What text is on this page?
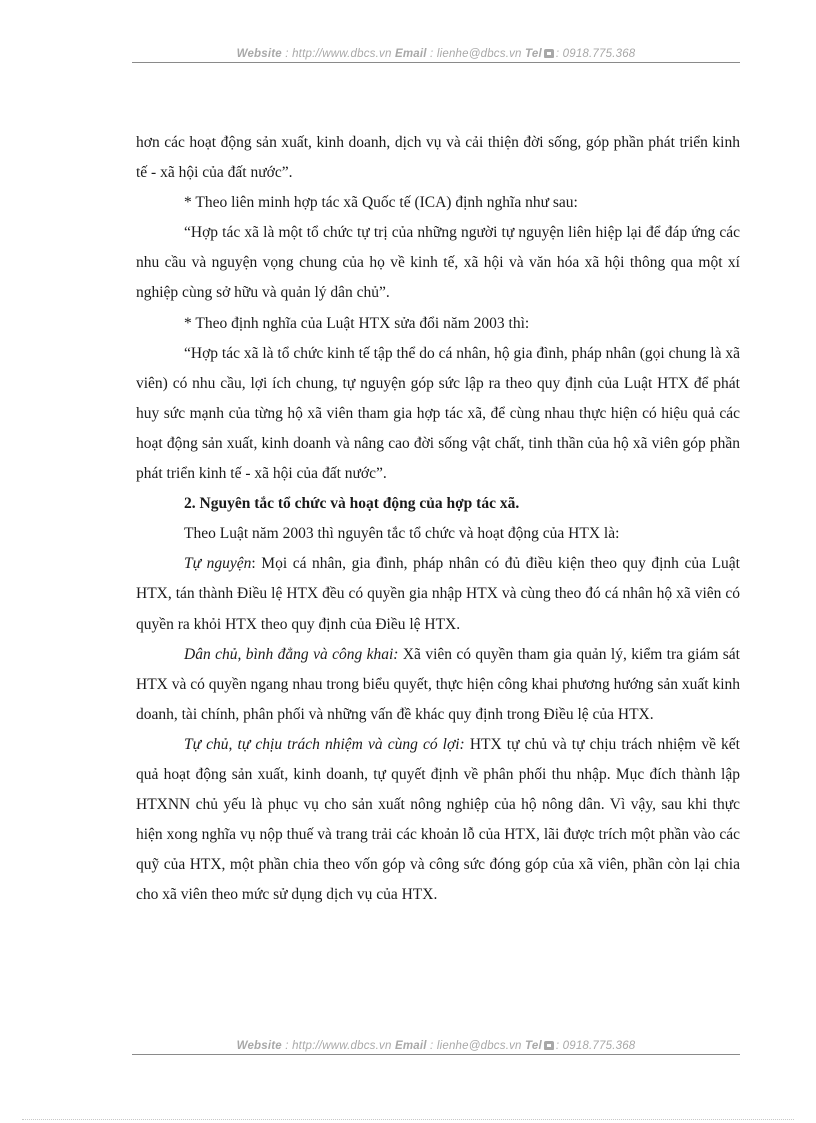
Website : http://www.dbcs.vn Email : lienhe@dbcs.vn Tel : 0918.775.368

hơn các hoạt động sản xuất, kinh doanh, dịch vụ và cải thiện đời sống, góp phần phát triển kinh tế - xã hội của đất nước”.

* Theo liên minh hợp tác xã Quốc tế (ICA) định nghĩa như sau:

“Hợp tác xã là một tổ chức tự trị của những người tự nguyện liên hiệp lại để đáp ứng các nhu cầu và nguyện vọng chung của họ về kinh tế, xã hội và văn hóa xã hội thông qua một xí nghiệp cùng sở hữu và quản lý dân chủ”.

* Theo định nghĩa của Luật HTX sửa đổi năm 2003 thì:

“Hợp tác xã là tổ chức kinh tế tập thể do cá nhân, hộ gia đình, pháp nhân (gọi chung là xã viên) có nhu cầu, lợi ích chung, tự nguyện góp sức lập ra theo quy định của Luật HTX để phát huy sức mạnh của từng hộ xã viên tham gia hợp tác xã, để cùng nhau thực hiện có hiệu quả các hoạt động sản xuất, kinh doanh và nâng cao đời sống vật chất, tinh thần của hộ xã viên góp phần phát triển kinh tế - xã hội của đất nước”.

2. Nguyên tắc tổ chức và hoạt động của hợp tác xã.

Theo Luật năm 2003 thì nguyên tắc tổ chức và hoạt động của HTX là:

Tự nguyện: Mọi cá nhân, gia đình, pháp nhân có đủ điều kiện theo quy định của Luật HTX, tán thành Điều lệ HTX đều có quyền gia nhập HTX và cùng theo đó cá nhân hộ xã viên có quyền ra khỏi HTX theo quy định của Điều lệ HTX.

Dân chủ, bình đẳng và công khai: Xã viên có quyền tham gia quản lý, kiểm tra giám sát HTX và có quyền ngang nhau trong biểu quyết, thực hiện công khai phương hướng sản xuất kinh doanh, tài chính, phân phối và những vấn đề khác quy định trong Điều lệ của HTX.

Tự chủ, tự chịu trách nhiệm và cùng có lợi: HTX tự chủ và tự chịu trách nhiệm về kết quả hoạt động sản xuất, kinh doanh, tự quyết định về phân phối thu nhập. Mục đích thành lập HTXNN chủ yếu là phục vụ cho sản xuất nông nghiệp của hộ nông dân. Vì vậy, sau khi thực hiện xong nghĩa vụ nộp thuế và trang trải các khoản lỗ của HTX, lãi được trích một phần vào các quỹ của HTX, một phần chia theo vốn góp và công sức đóng góp của xã viên, phần còn lại chia cho xã viên theo mức sử dụng dịch vụ của HTX.

Website : http://www.dbcs.vn Email : lienhe@dbcs.vn Tel : 0918.775.368
